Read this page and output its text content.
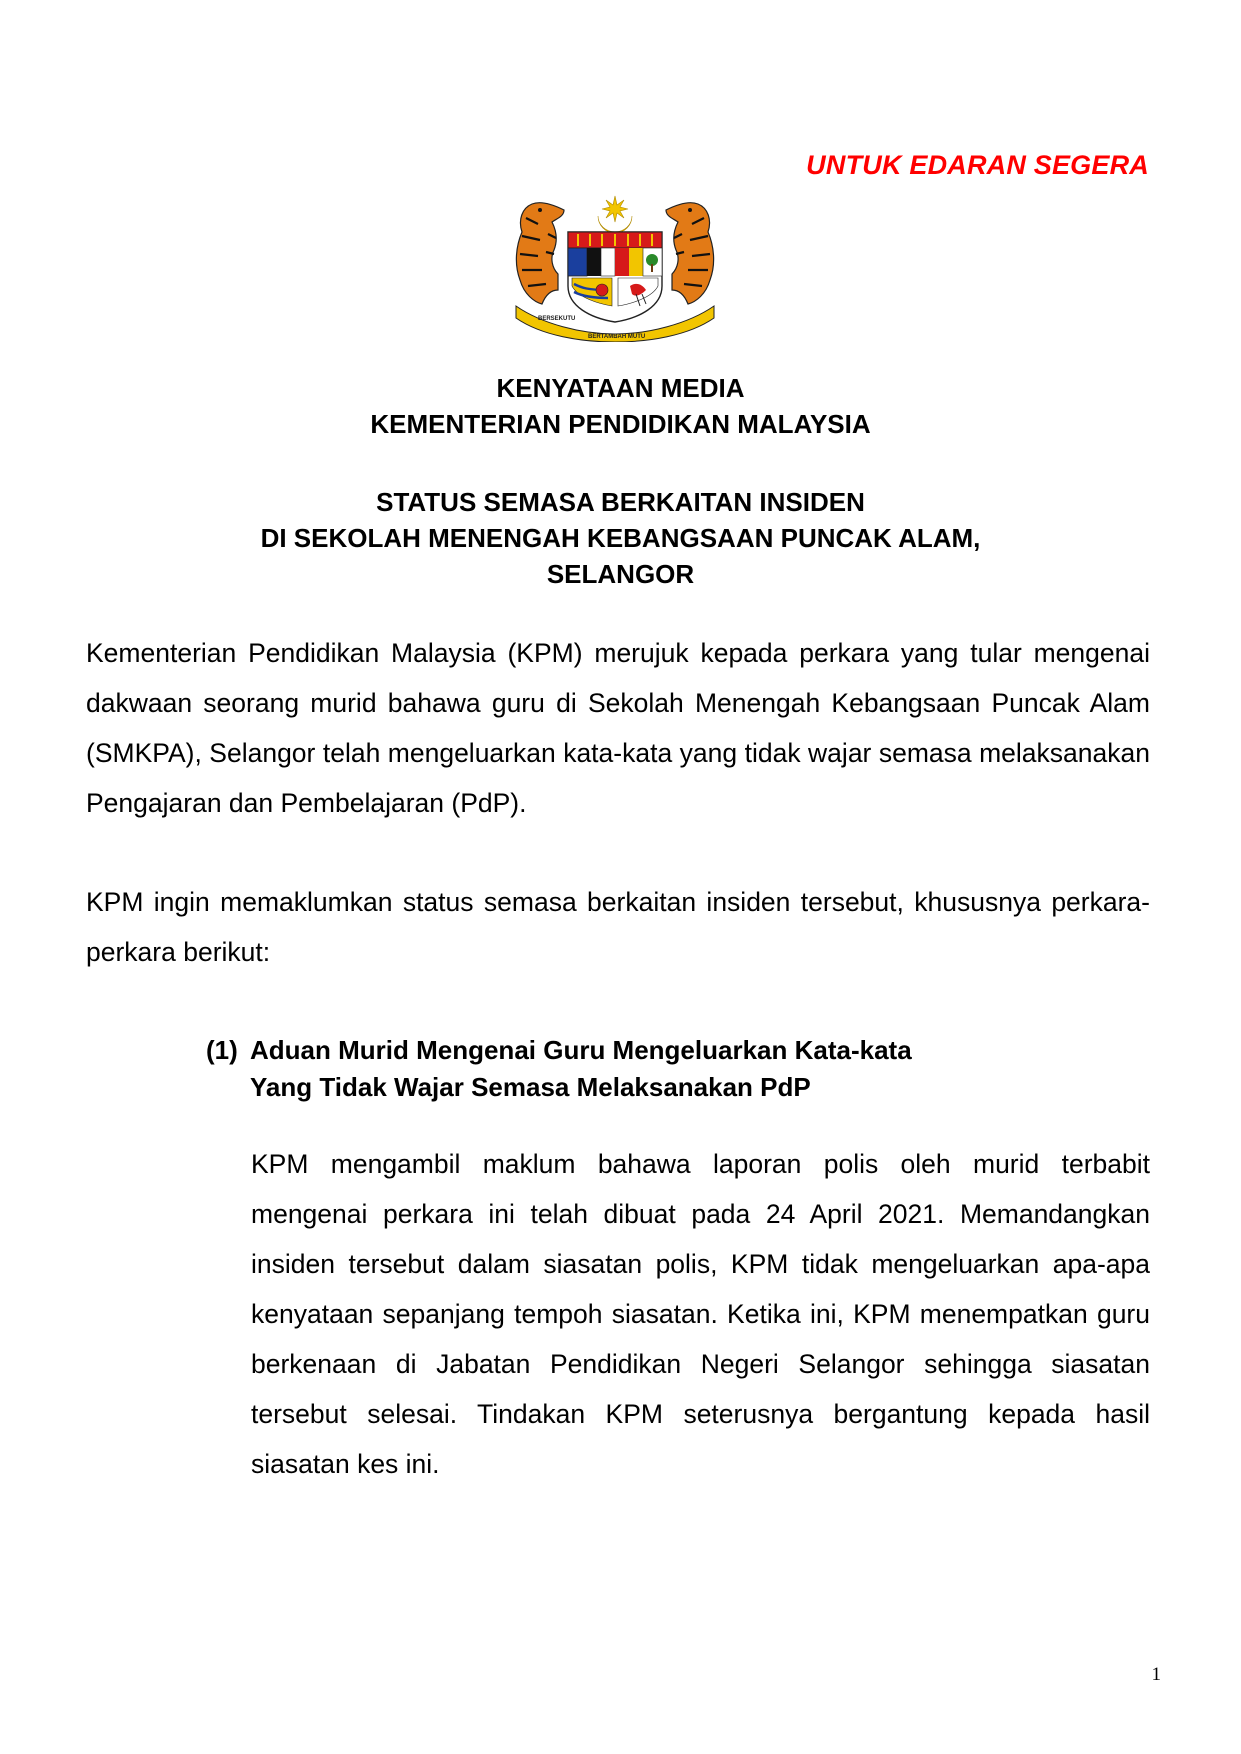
UNTUK EDARAN SEGERA
BERSEKUTU
BERTAMBAH MUTU
KENYATAAN MEDIA
KEMENTERIAN PENDIDIKAN MALAYSIA
STATUS SEMASA BERKAITAN INSIDEN
DI SEKOLAH MENENGAH KEBANGSAAN PUNCAK ALAM,
SELANGOR

Kementerian Pendidikan Malaysia (KPM) merujuk kepada perkara yang tular mengenai dakwaan seorang murid bahawa guru di Sekolah Menengah Kebangsaan Puncak Alam (SMKPA), Selangor telah mengeluarkan kata-kata yang tidak wajar semasa melaksanakan Pengajaran dan Pembelajaran (PdP).

KPM ingin memaklumkan status semasa berkaitan insiden tersebut, khususnya perkara-perkara berikut:

(1) Aduan Murid Mengenai Guru Mengeluarkan Kata-kata
Yang Tidak Wajar Semasa Melaksanakan PdP

KPM mengambil maklum bahawa laporan polis oleh murid terbabit mengenai perkara ini telah dibuat pada 24 April 2021. Memandangkan insiden tersebut dalam siasatan polis, KPM tidak mengeluarkan apa-apa kenyataan sepanjang tempoh siasatan. Ketika ini, KPM menempatkan guru berkenaan di Jabatan Pendidikan Negeri Selangor sehingga siasatan tersebut selesai. Tindakan KPM seterusnya bergantung kepada hasil siasatan kes ini.

1
